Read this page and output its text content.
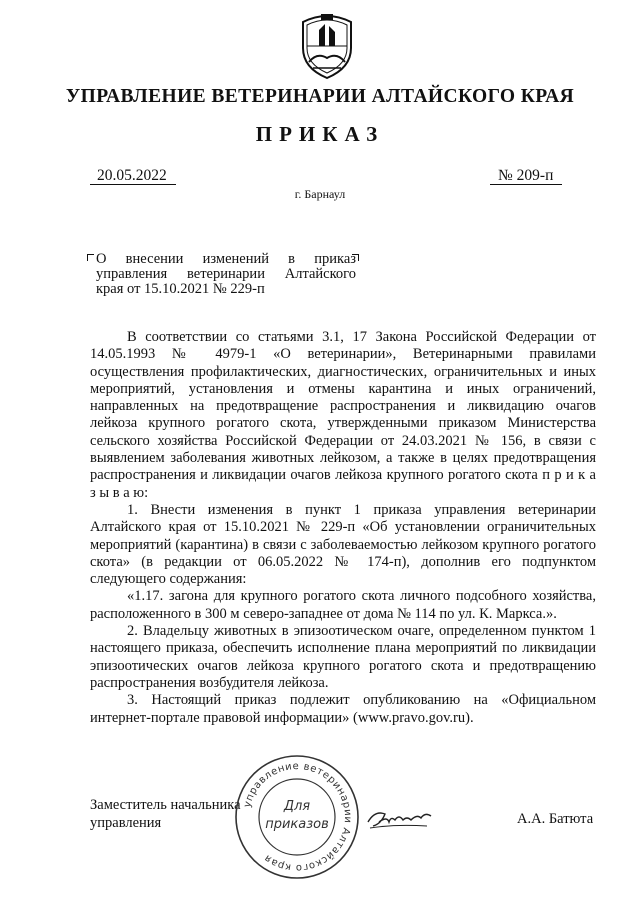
УПРАВЛЕНИЕ ВЕТЕРИНАРИИ АЛТАЙСКОГО КРАЯ
ПРИКАЗ
20.05.2022	№ 209-п
г. Барнаул
О внесении изменений в приказ
управления ветеринарии Алтайского
края от 15.10.2021 № 229-п

В соответствии со статьями 3.1, 17 Закона Российской Федерации от 14.05.1993 № 4979-1 «О ветеринарии», Ветеринарными правилами осуществления профилактических, диагностических, ограничительных и иных мероприятий, установления и отмены карантина и иных ограничений, направленных на предотвращение распространения и ликвидацию очагов лейкоза крупного рогатого скота, утвержденными приказом Министерства сельского хозяйства Российской Федерации от 24.03.2021 № 156, в связи с выявлением заболевания животных лейкозом, а также в целях предотвращения распространения и ликвидации очагов лейкоза крупного рогатого скота п р и к а з ы в а ю:

1. Внести изменения в пункт 1 приказа управления ветеринарии Алтайского края от 15.10.2021 № 229-п «Об установлении ограничительных мероприятий (карантина) в связи с заболеваемостью лейкозом крупного рогатого скота» (в редакции от 06.05.2022 № 174-п), дополнив его подпунктом следующего содержания:

«1.17. загона для крупного рогатого скота личного подсобного хозяйства, расположенного в 300 м северо-западнее от дома № 114 по ул. К. Маркса.».

2. Владельцу животных в эпизоотическом очаге, определенном пунктом 1 настоящего приказа, обеспечить исполнение плана мероприятий по ликвидации эпизоотических очагов лейкоза крупного рогатого скота и предотвращению распространения возбудителя лейкоза.

3. Настоящий приказ подлежит опубликованию на «Официальном интернет-портале правовой информации» (www.pravo.gov.ru).

Заместитель начальника
управления	А.А. Батюта
управление ветеринарии Алтайского края
Для
приказов
